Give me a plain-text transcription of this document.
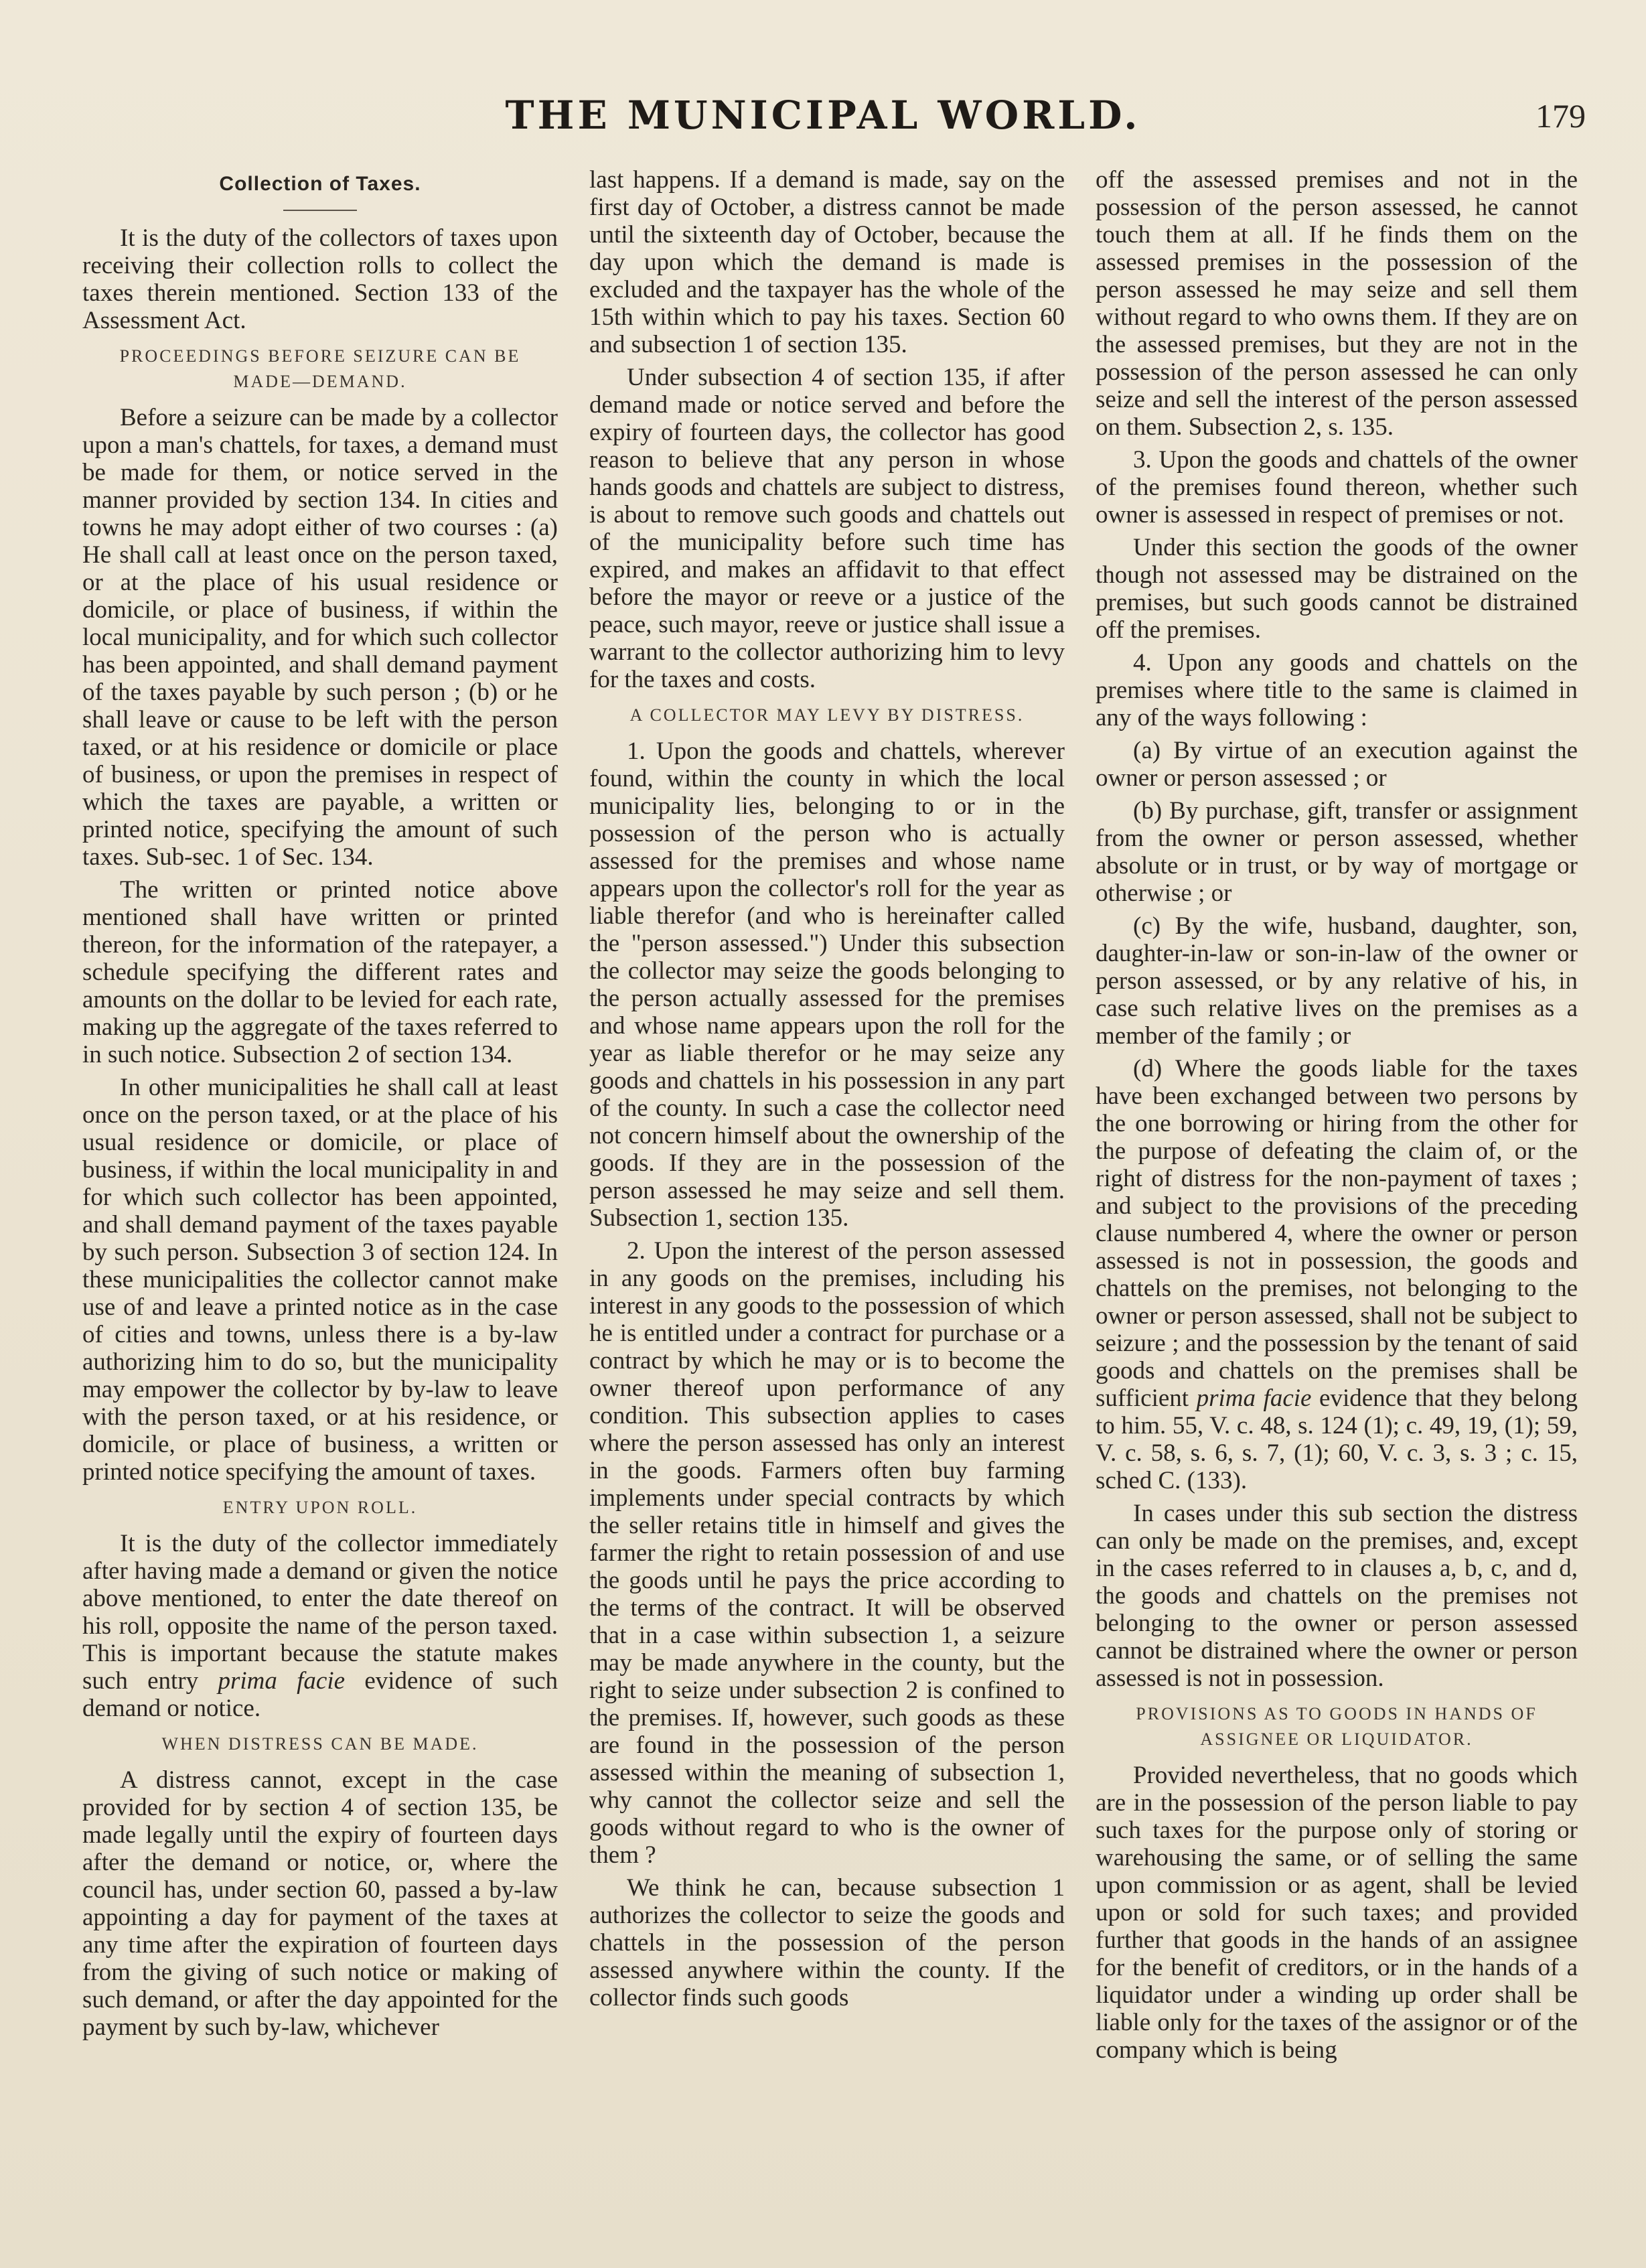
THE MUNICIPAL WORLD.	179
Collection of Taxes.

It is the duty of the collectors of taxes upon receiving their collection rolls to collect the taxes therein mentioned. Section 133 of the Assessment Act.

PROCEEDINGS BEFORE SEIZURE CAN BE MADE—DEMAND.

Before a seizure can be made by a collector upon a man's chattels, for taxes, a demand must be made for them, or notice served in the manner provided by section 134. In cities and towns he may adopt either of two courses : (a) He shall call at least once on the person taxed, or at the place of his usual residence or domicile, or place of business, if within the local municipality, and for which such collector has been appointed, and shall demand payment of the taxes payable by such person ; (b) or he shall leave or cause to be left with the person taxed, or at his residence or domicile or place of business, or upon the premises in respect of which the taxes are payable, a written or printed notice, specifying the amount of such taxes. Sub-sec. 1 of Sec. 134.

The written or printed notice above mentioned shall have written or printed thereon, for the information of the ratepayer, a schedule specifying the different rates and amounts on the dollar to be levied for each rate, making up the aggregate of the taxes referred to in such notice. Subsection 2 of section 134.

In other municipalities he shall call at least once on the person taxed, or at the place of his usual residence or domicile, or place of business, if within the local municipality in and for which such collector has been appointed, and shall demand payment of the taxes payable by such person. Subsection 3 of section 124. In these municipalities the collector cannot make use of and leave a printed notice as in the case of cities and towns, unless there is a by-law authorizing him to do so, but the municipality may empower the collector by by-law to leave with the person taxed, or at his residence, or domicile, or place of business, a written or printed notice specifying the amount of taxes.

ENTRY UPON ROLL.

It is the duty of the collector immediately after having made a demand or given the notice above mentioned, to enter the date thereof on his roll, opposite the name of the person taxed. This is important because the statute makes such entry prima facie evidence of such demand or notice.

WHEN DISTRESS CAN BE MADE.

A distress cannot, except in the case provided for by section 4 of section 135, be made legally until the expiry of fourteen days after the demand or notice, or, where the council has, under section 60, passed a by-law appointing a day for payment of the taxes at any time after the expiration of fourteen days from the giving of such notice or making of such demand, or after the day appointed for the payment by such by-law, whichever

last happens. If a demand is made, say on the first day of October, a distress cannot be made until the sixteenth day of October, because the day upon which the demand is made is excluded and the taxpayer has the whole of the 15th within which to pay his taxes. Section 60 and subsection 1 of section 135.

Under subsection 4 of section 135, if after demand made or notice served and before the expiry of fourteen days, the collector has good reason to believe that any person in whose hands goods and chattels are subject to distress, is about to remove such goods and chattels out of the municipality before such time has expired, and makes an affidavit to that effect before the mayor or reeve or a justice of the peace, such mayor, reeve or justice shall issue a warrant to the collector authorizing him to levy for the taxes and costs.

A COLLECTOR MAY LEVY BY DISTRESS.

1. Upon the goods and chattels, wherever found, within the county in which the local municipality lies, belonging to or in the possession of the person who is actually assessed for the premises and whose name appears upon the collector's roll for the year as liable therefor (and who is hereinafter called the "person assessed.") Under this subsection the collector may seize the goods belonging to the person actually assessed for the premises and whose name appears upon the roll for the year as liable therefor or he may seize any goods and chattels in his possession in any part of the county. In such a case the collector need not concern himself about the ownership of the goods. If they are in the possession of the person assessed he may seize and sell them. Subsection 1, section 135.

2. Upon the interest of the person assessed in any goods on the premises, including his interest in any goods to the possession of which he is entitled under a contract for purchase or a contract by which he may or is to become the owner thereof upon performance of any condition. This subsection applies to cases where the person assessed has only an interest in the goods. Farmers often buy farming implements under special contracts by which the seller retains title in himself and gives the farmer the right to retain possession of and use the goods until he pays the price according to the terms of the contract. It will be observed that in a case within subsection 1, a seizure may be made anywhere in the county, but the right to seize under subsection 2 is confined to the premises. If, however, such goods as these are found in the possession of the person assessed within the meaning of subsection 1, why cannot the collector seize and sell the goods without regard to who is the owner of them ?

We think he can, because subsection 1 authorizes the collector to seize the goods and chattels in the possession of the person assessed anywhere within the county. If the collector finds such goods

off the assessed premises and not in the possession of the person assessed, he cannot touch them at all. If he finds them on the assessed premises in the possession of the person assessed he may seize and sell them without regard to who owns them. If they are on the assessed premises, but they are not in the possession of the person assessed he can only seize and sell the interest of the person assessed on them. Subsection 2, s. 135.

3. Upon the goods and chattels of the owner of the premises found thereon, whether such owner is assessed in respect of premises or not.

Under this section the goods of the owner though not assessed may be distrained on the premises, but such goods cannot be distrained off the premises.

4. Upon any goods and chattels on the premises where title to the same is claimed in any of the ways following :

(a) By virtue of an execution against the owner or person assessed ; or

(b) By purchase, gift, transfer or assignment from the owner or person assessed, whether absolute or in trust, or by way of mortgage or otherwise ; or

(c) By the wife, husband, daughter, son, daughter-in-law or son-in-law of the owner or person assessed, or by any relative of his, in case such relative lives on the premises as a member of the family ; or

(d) Where the goods liable for the taxes have been exchanged between two persons by the one borrowing or hiring from the other for the purpose of defeating the claim of, or the right of distress for the non-payment of taxes ; and subject to the provisions of the preceding clause numbered 4, where the owner or person assessed is not in possession, the goods and chattels on the premises, not belonging to the owner or person assessed, shall not be subject to seizure ; and the possession by the tenant of said goods and chattels on the premises shall be sufficient prima facie evidence that they belong to him. 55, V. c. 48, s. 124 (1); c. 49, 19, (1); 59, V. c. 58, s. 6, s. 7, (1); 60, V. c. 3, s. 3 ; c. 15, sched C. (133).

In cases under this sub section the distress can only be made on the premises, and, except in the cases referred to in clauses a, b, c, and d, the goods and chattels on the premises not belonging to the owner or person assessed cannot be distrained where the owner or person assessed is not in possession.

PROVISIONS AS TO GOODS IN HANDS OF ASSIGNEE OR LIQUIDATOR.

Provided nevertheless, that no goods which are in the possession of the person liable to pay such taxes for the purpose only of storing or warehousing the same, or of selling the same upon commission or as agent, shall be levied upon or sold for such taxes; and provided further that goods in the hands of an assignee for the benefit of creditors, or in the hands of a liquidator under a winding up order shall be liable only for the taxes of the assignor or of the company which is being
